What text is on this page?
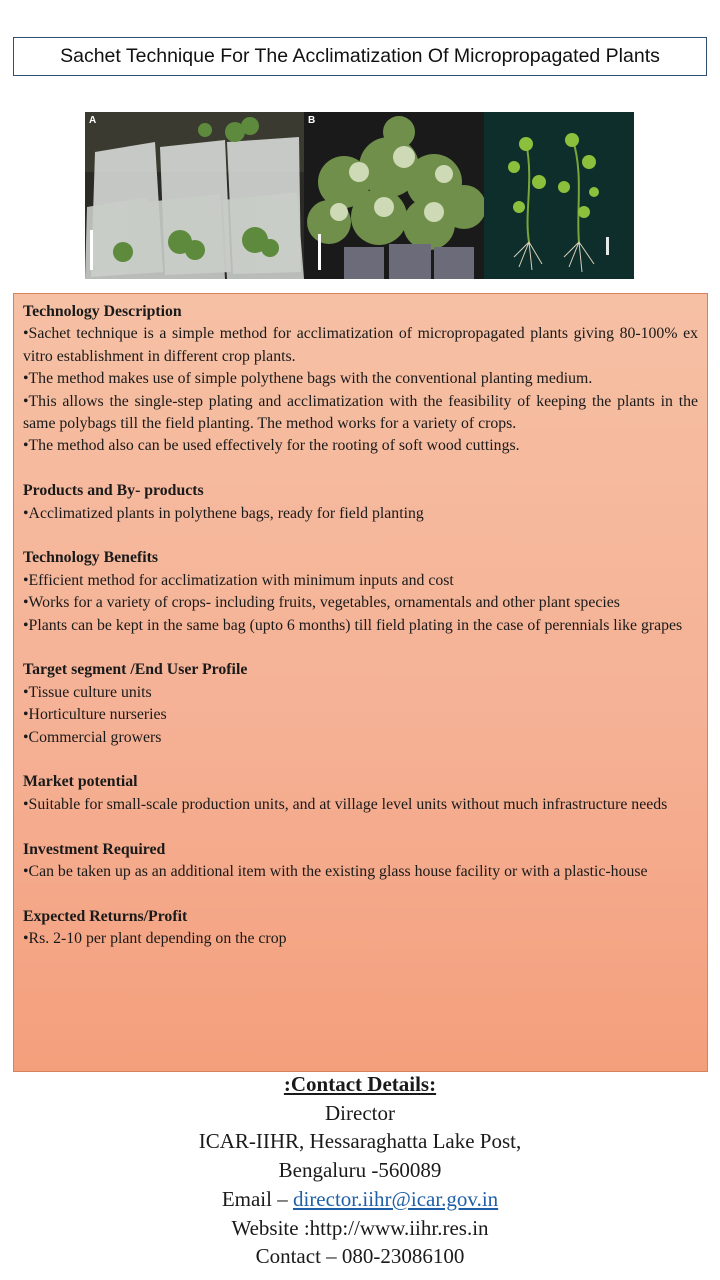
Sachet Technique For The Acclimatization Of Micropropagated Plants
A	B
Technology Description

•Sachet technique is a simple method for acclimatization of micropropagated plants giving 80-100% ex vitro establishment in different crop plants.

•The method makes use of simple polythene bags with the conventional planting medium.

•This allows the single-step plating and acclimatization with the feasibility of keeping the plants in the same polybags till the field planting. The method works for a variety of crops.

•The method also can be used effectively for the rooting of soft wood cuttings.

Products and By- products

•Acclimatized plants in polythene bags, ready for field planting

Technology Benefits

•Efficient method for acclimatization with minimum inputs and cost

•Works for a variety of crops- including fruits, vegetables, ornamentals and other plant species

•Plants can be kept in the same bag (upto 6 months) till field plating in the case of perennials like grapes

Target segment /End User Profile

•Tissue culture units

•Horticulture nurseries

•Commercial growers

Market potential

•Suitable for small-scale production units, and at village level units without much infrastructure needs

Investment Required

•Can be taken up as an additional item with the existing glass house facility or with a plastic-house

Expected Returns/Profit

•Rs. 2-10 per plant depending on the crop

:Contact Details:
Director
ICAR-IIHR, Hessaraghatta Lake Post,
Bengaluru -560089
Email – director.iihr@icar.gov.in
Website :http://www.iihr.res.in
Contact – 080-23086100
